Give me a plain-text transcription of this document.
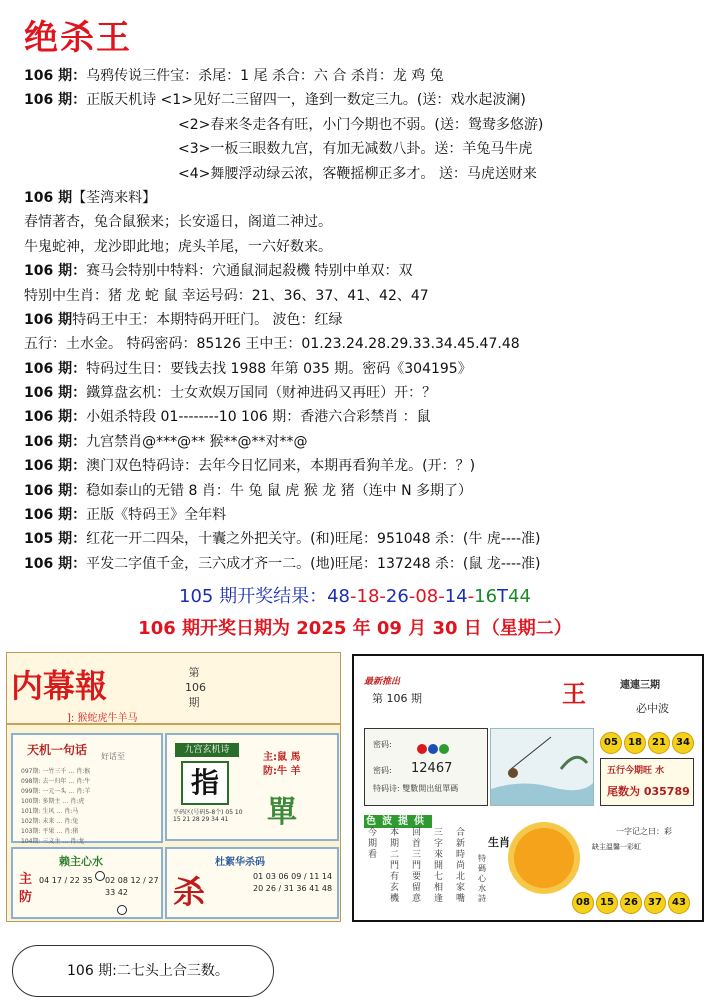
绝杀王
106 期：乌鸦传说三件宝：杀尾：1 尾 杀合：六 合 杀肖：龙 鸡 兔
106 期：正版天机诗 <1>见好二三留四一，逢到一数定三九。(送：戏水起波澜)
<2>春来冬走各有旺，小门今期也不弱。(送：鸳鸯多悠游)
<3>一板三眼数九宫，有加无减数八卦。送：羊兔马牛虎
<4>舞腰浮动绿云浓，客鞭摇柳正多才。 送：马虎送财来
106 期【荃湾来料】
春情著杏，兔合鼠猴来；长安遥日，阁道二神过。
牛鬼蛇神，龙沙即此地；虎头羊尾，一六好数来。
106 期：赛马会特别中特料：穴通鼠洞起殺機 特别中单双：双
特别中生肖：猪 龙 蛇 鼠 幸运号码：21、36、37、41、42、47
106 期特码王中王：本期特码开旺门。 波色：红绿
五行：土水金。 特码密码：85126 王中王：01.23.24.28.29.33.34.45.47.48
106 期：特码过生日：要钱去找 1988 年第 035 期。密码《304195》
106 期：鐵算盘玄机：士女欢娱万国同（财神进码又再旺）开：？
106 期：小姐杀特段 01--------10 106 期：香港六合彩禁肖 ：鼠
106 期：九宫禁肖@***@** 猴**@**对**@
106 期：澳门双色特码诗：去年今日忆同来，本期再看狗羊龙。(开：？)
106 期：稳如泰山的无错 8 肖：牛 兔 鼠 虎 猴 龙 猪（连中 N 多期了）
106 期：正版《特码王》全年料
105 期：红花一开二四朵，十囊之外把关守。(和)旺尾：951048 杀：(牛 虎----准)
106 期：平发二字值千金，三六成才齐一二。(地)旺尾：137248 杀：(鼠 龙----准)
105 期开奖结果：48-18-26-08-14-16T44
106 期开奖日期为 2025 年 09 月 30 日（星期二）
内幕報	第106期
]: 猴蛇虎牛羊马
天机一句话 好话至
097期: 一竹三千 … 肖:猴
098期: 去一归年 … 肖:牛
099期: 一元一头 … 肖:羊
100期: 多期主 … 肖:虎
101期: 生风 … 肖:马
102期: 未来 … 肖:兔
103期: 平果 … 肖:猪
104期: 三义主 … 肖:龙
九宫玄机诗
指
主:鼠 馬
防:牛 羊
平码区(号码5-8个) 05 10 15 21 28 29 34 41	單
赖主心水
主
防
04 17 / 22 35 02 08 12 / 27 33 42
杜絮华杀码
杀	01 03 06 09 / 11 14 20 26 / 31 36 41 48
最新推出
第 106 期	王	連連三期
必中波
密码:
密码: 12467
特码诗: 雙數開出紐單碼
05 18 21 34
五行今期旺 水
尾数为 035789
色波提供
今期看
本期二門有玄機
回首三門要留意
三字來開七相逢
合新時尚北家嘴
生肖
特碼心水詩
一字记之曰：彩
缺主温馨一彩虹
08 15 26 37 43
106 期:二七头上合三数。
